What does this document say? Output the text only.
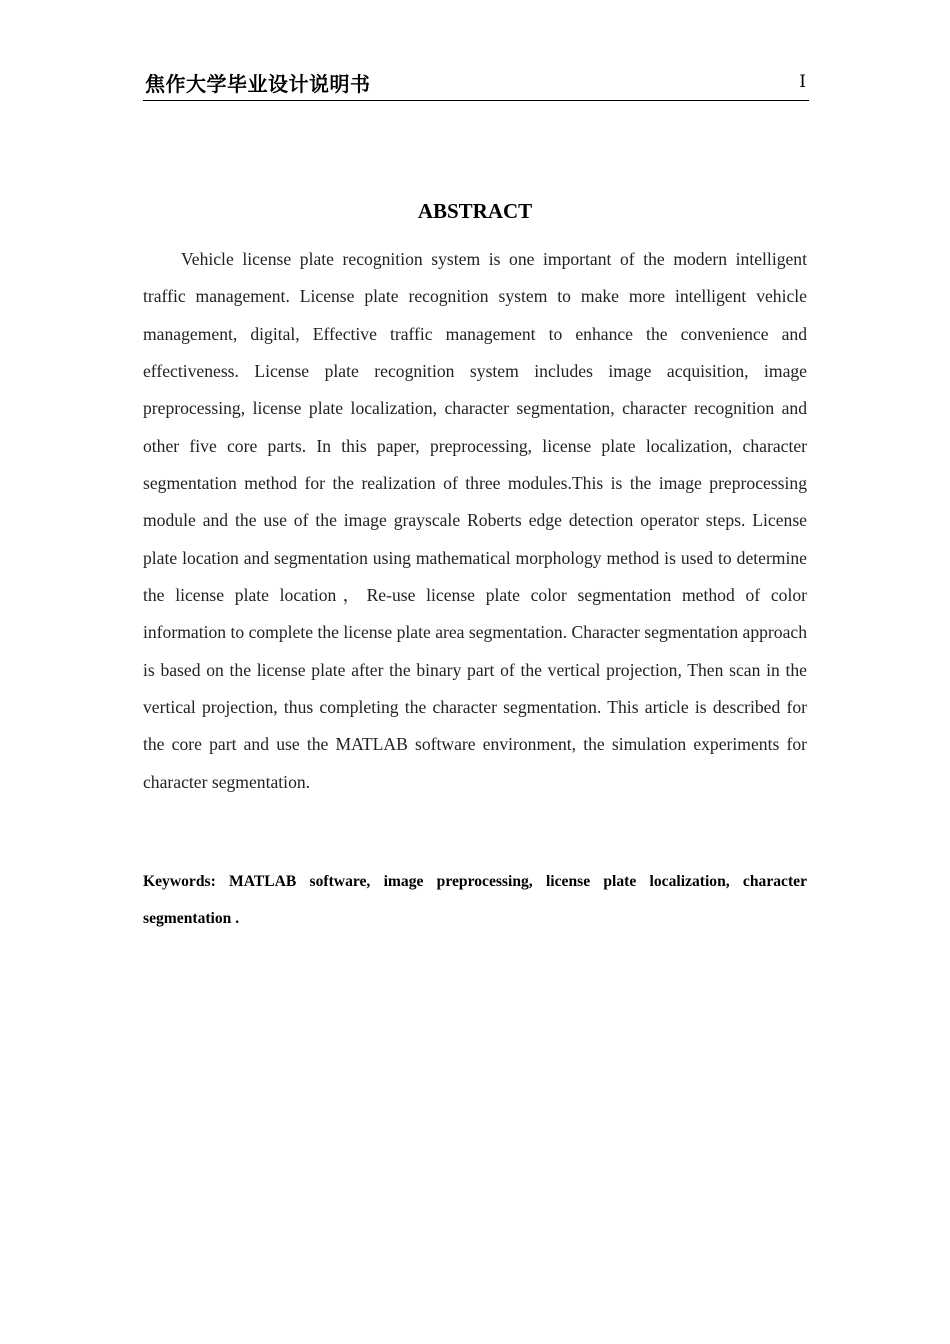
焦作大学毕业设计说明书	I
ABSTRACT

Vehicle license plate recognition system is one important of the modern intelligent traffic management. License plate recognition system to make more intelligent vehicle management, digital, Effective traffic management to enhance the convenience and effectiveness. License plate recognition system includes image acquisition, image preprocessing, license plate localization, character segmentation, character recognition and other five core parts. In this paper, preprocessing, license plate localization, character segmentation method for the realization of three modules.This is the image preprocessing module and the use of the image grayscale Roberts edge detection operator steps. License plate location and segmentation using mathematical morphology method is used to determine the license plate location，Re-use license plate color segmentation method of color information to complete the license plate area segmentation. Character segmentation approach is based on the license plate after the binary part of the vertical projection, Then scan in the vertical projection, thus completing the character segmentation. This article is described for the core part and use the MATLAB software environment, the simulation experiments for character segmentation.

Keywords: MATLAB software, image preprocessing, license plate localization, character segmentation .
